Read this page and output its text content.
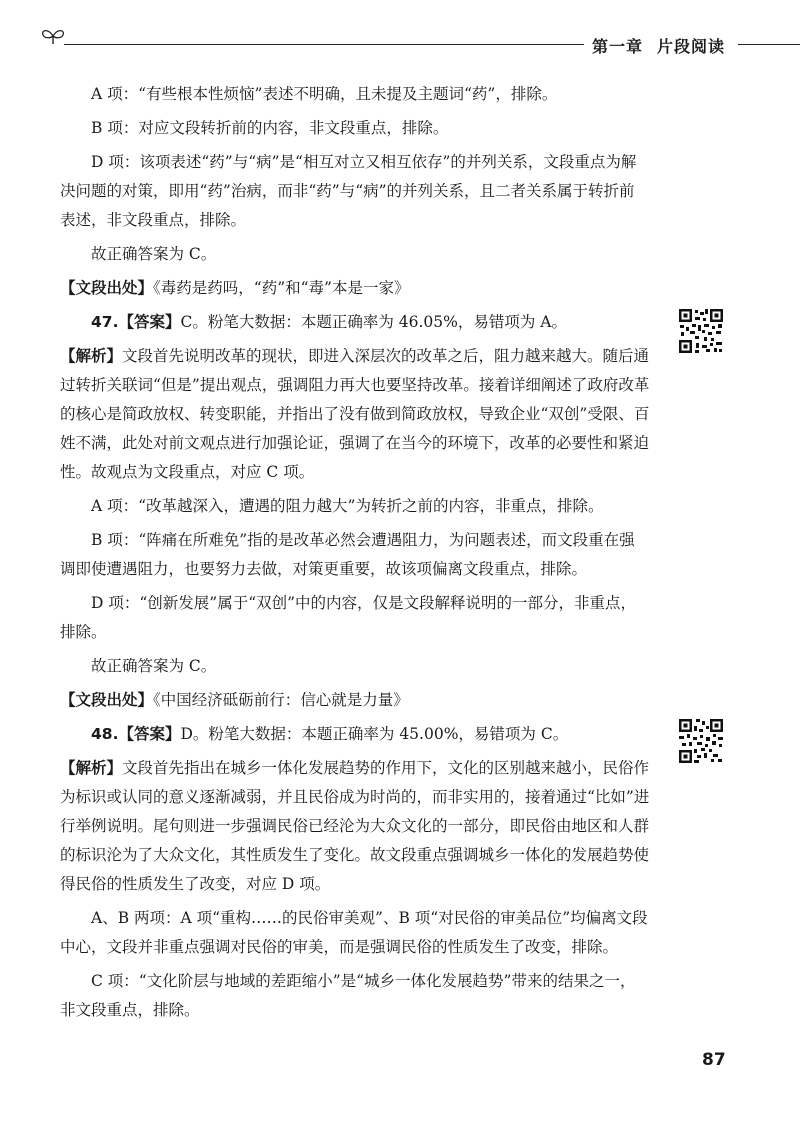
第一章 片段阅读

A 项：“有些根本性烦恼”表述不明确，且未提及主题词“药”，排除。

B 项：对应文段转折前的内容，非文段重点，排除。

D 项：该项表述“药”与“病”是“相互对立又相互依存”的并列关系，文段重点为解决问题的对策，即用“药”治病，而非“药”与“病”的并列关系，且二者关系属于转折前表述，非文段重点，排除。

故正确答案为 C。

【文段出处】《毒药是药吗，“药”和“毒”本是一家》

47.【答案】C。粉笔大数据：本题正确率为 46.05%，易错项为 A。

【解析】文段首先说明改革的现状，即进入深层次的改革之后，阻力越来越大。随后通过转折关联词“但是”提出观点，强调阻力再大也要坚持改革。接着详细阐述了政府改革的核心是简政放权、转变职能，并指出了没有做到简政放权，导致企业“双创”受限、百姓不满，此处对前文观点进行加强论证，强调了在当今的环境下，改革的必要性和紧迫性。故观点为文段重点，对应 C 项。

A 项：“改革越深入，遭遇的阻力越大”为转折之前的内容，非重点，排除。

B 项：“阵痛在所难免”指的是改革必然会遭遇阻力，为问题表述，而文段重在强调即使遭遇阻力，也要努力去做，对策更重要，故该项偏离文段重点，排除。

D 项：“创新发展”属于“双创”中的内容，仅是文段解释说明的一部分，非重点，排除。

故正确答案为 C。

【文段出处】《中国经济砥砺前行：信心就是力量》

48.【答案】D。粉笔大数据：本题正确率为 45.00%，易错项为 C。

【解析】文段首先指出在城乡一体化发展趋势的作用下，文化的区别越来越小，民俗作为标识或认同的意义逐渐减弱，并且民俗成为时尚的，而非实用的，接着通过“比如”进行举例说明。尾句则进一步强调民俗已经沦为大众文化的一部分，即民俗由地区和人群的标识沦为了大众文化，其性质发生了变化。故文段重点强调城乡一体化的发展趋势使得民俗的性质发生了改变，对应 D 项。

A、B 两项：A 项“重构……的民俗审美观”、B 项“对民俗的审美品位”均偏离文段中心，文段并非重点强调对民俗的审美，而是强调民俗的性质发生了改变，排除。

C 项：“文化阶层与地域的差距缩小”是“城乡一体化发展趋势”带来的结果之一，非文段重点，排除。

87
